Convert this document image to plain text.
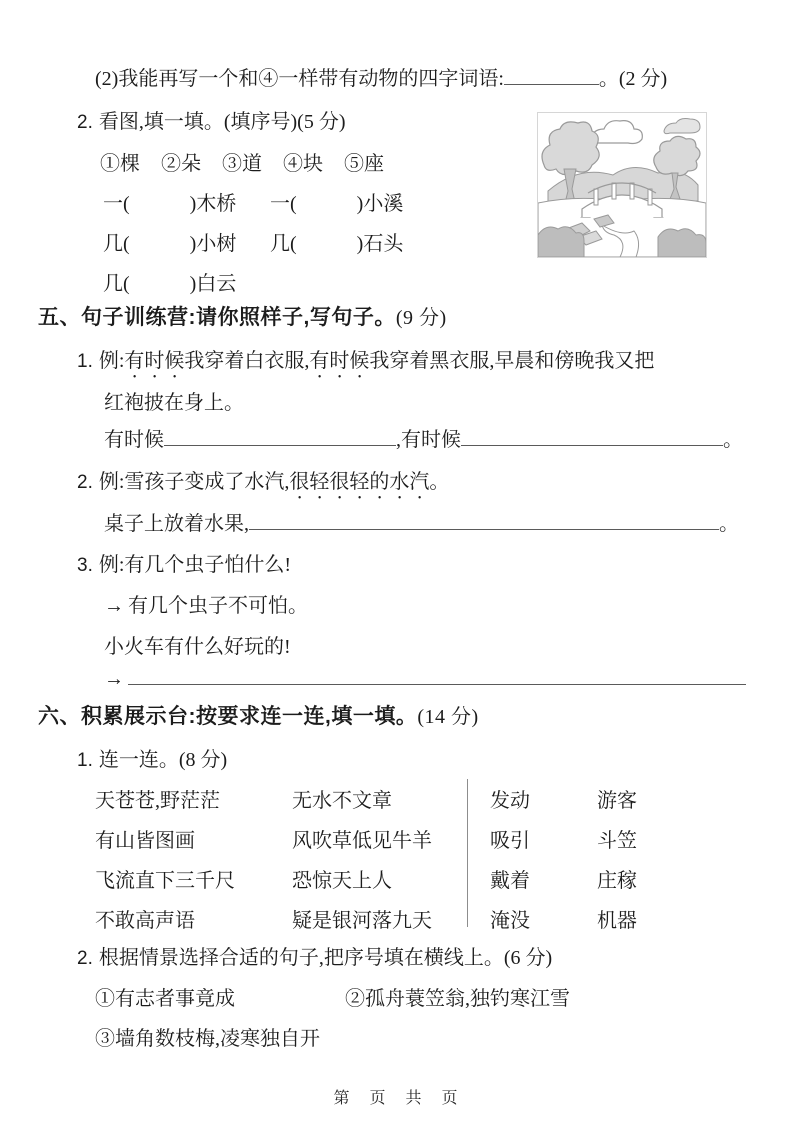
(2)我能再写一个和④一样带有动物的四字词语:	。(2 分)
2. 看图,填一填。(填序号)(5 分)
①棵 ②朵 ③道 ④块 ⑤座
一(　　　)木桥 一(　　　)小溪
几(　　　)小树 几(　　　)石头
几(　　　)白云
五、句子训练营:请你照样子,写句子。(9 分)
1. 例:有时候我穿着白衣服,有时候我穿着黑衣服,早晨和傍晚我又把
红袍披在身上。
有时候	,有时候	。
2. 例:雪孩子变成了水汽,很轻很轻的水汽。
桌子上放着水果,	。
3. 例:有几个虫子怕什么!
→ 有几个虫子不可怕。
小火车有什么好玩的!
→
六、积累展示台:按要求连一连,填一填。(14 分)
1. 连一连。(8 分)
天苍苍,野茫茫	无水不文章	发动	游客
有山皆图画	风吹草低见牛羊	吸引	斗笠
飞流直下三千尺	恐惊天上人	戴着	庄稼
不敢高声语	疑是银河落九天	淹没	机器
2. 根据情景选择合适的句子,把序号填在横线上。(6 分)
①有志者事竟成	②孤舟蓑笠翁,独钓寒江雪
③墙角数枝梅,凌寒独自开
第　页　共　页
